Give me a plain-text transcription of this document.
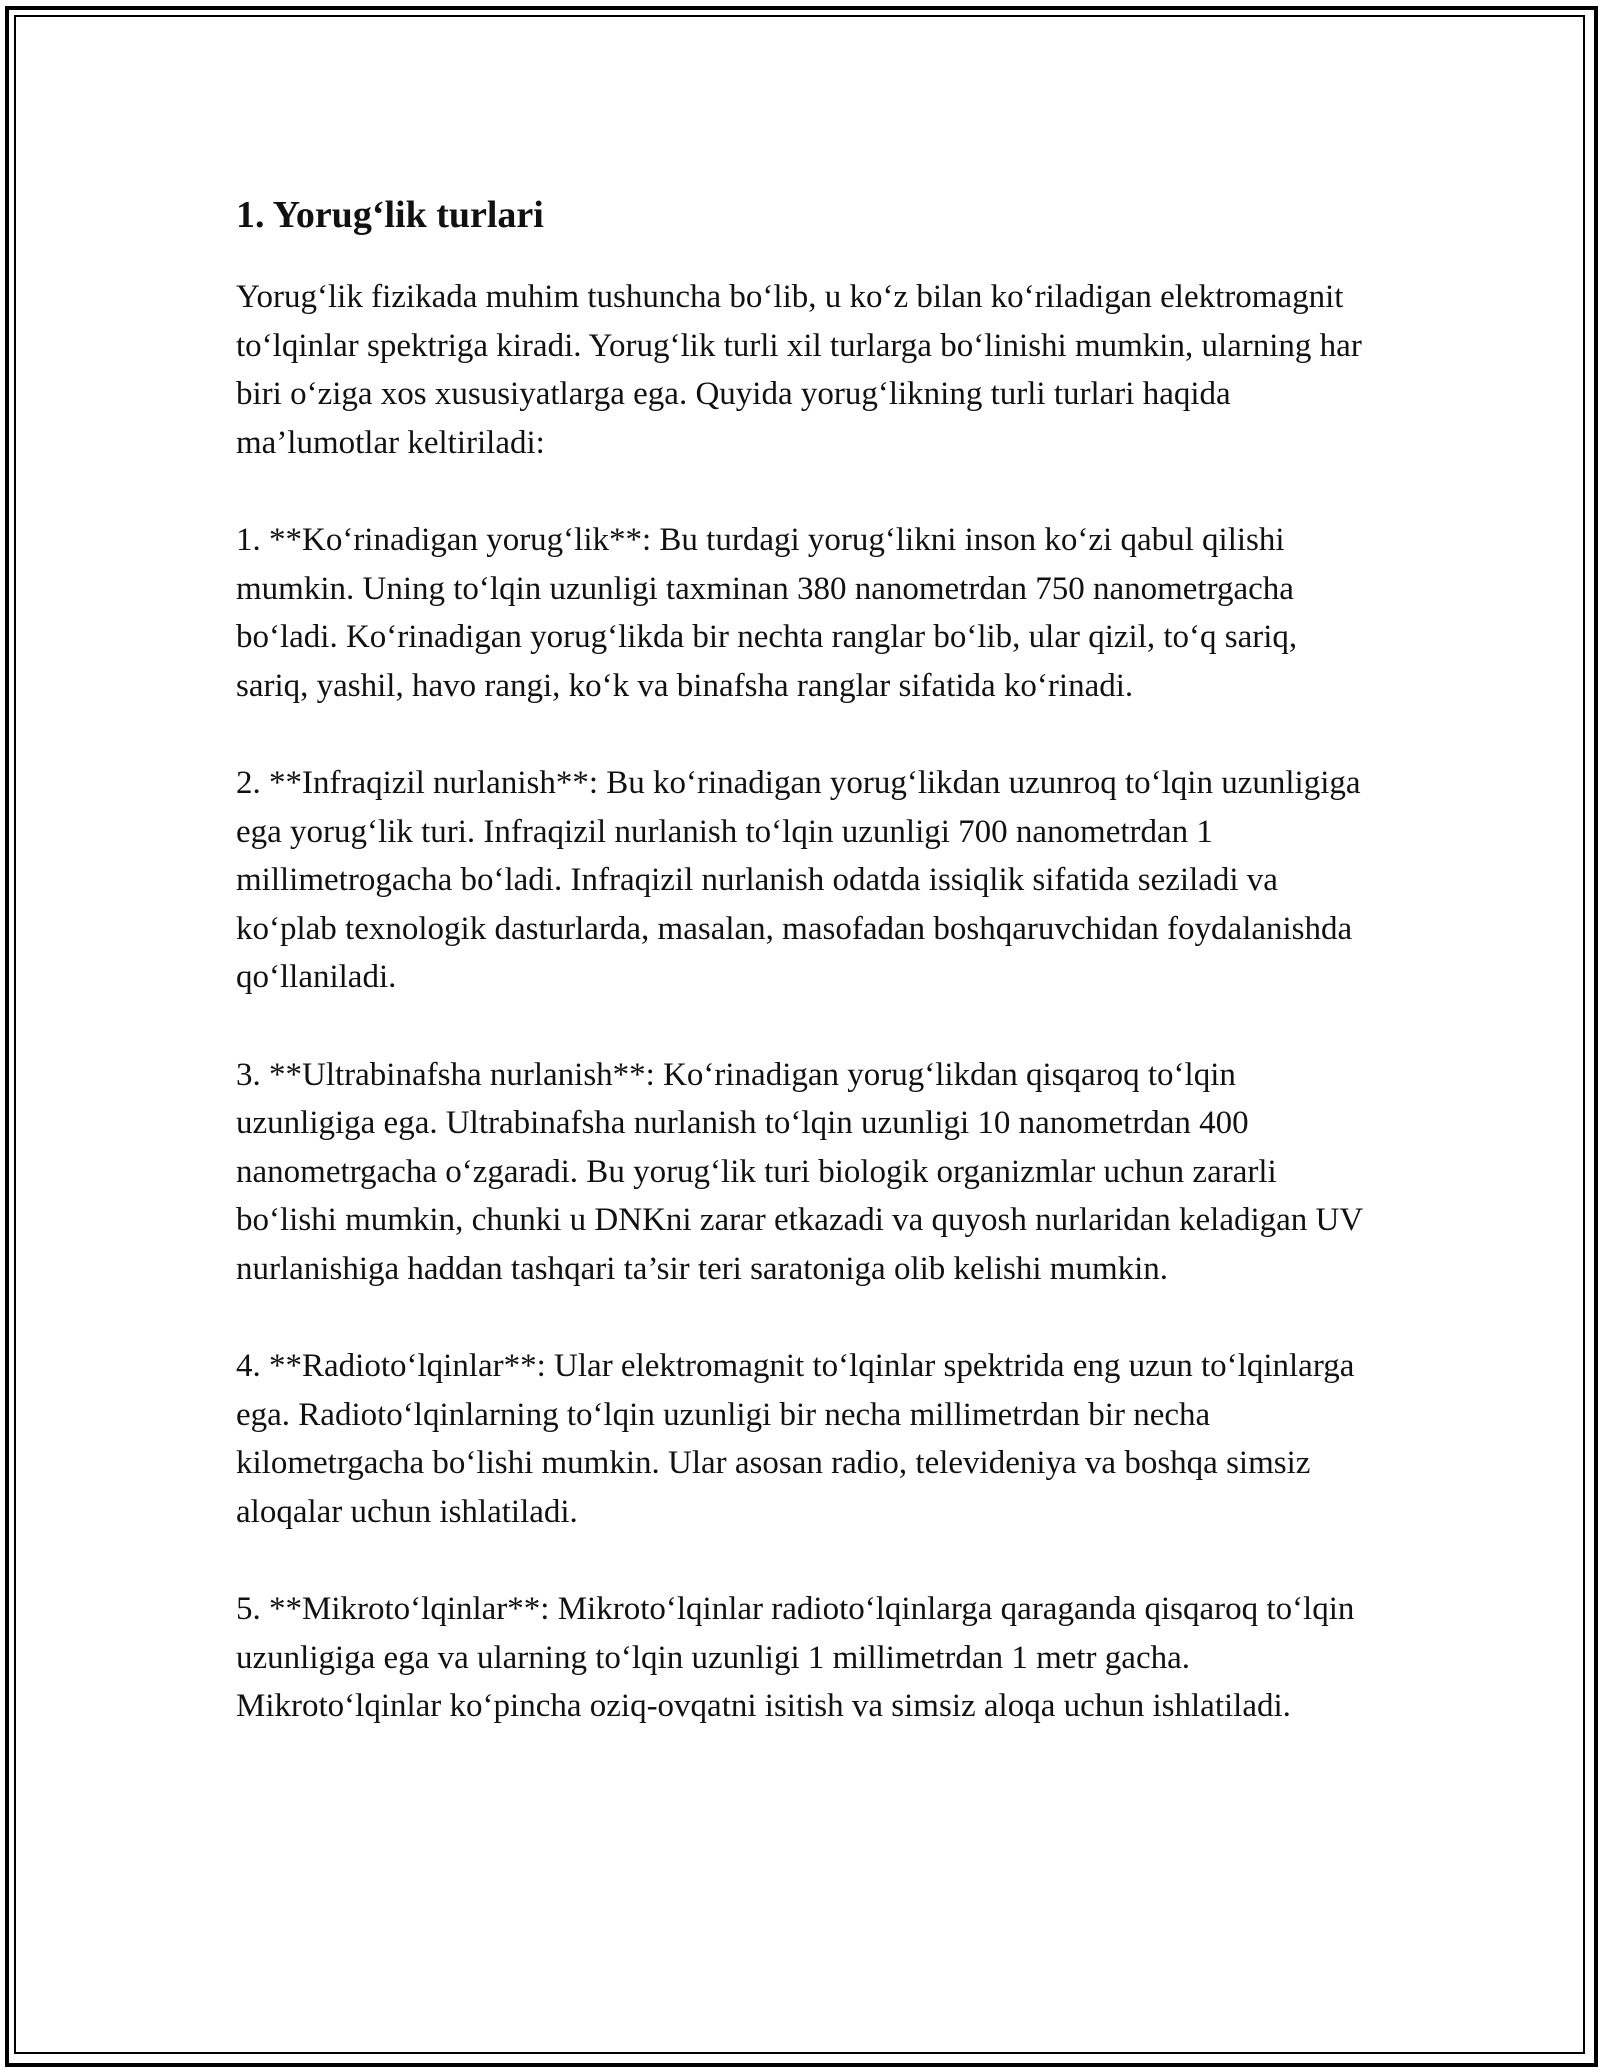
1. Yorug‘lik turlari

Yorug‘lik fizikada muhim tushuncha bo‘lib, u ko‘z bilan ko‘riladigan elektromagnit to‘lqinlar spektriga kiradi. Yorug‘lik turli xil turlarga bo‘linishi mumkin, ularning har biri o‘ziga xos xususiyatlarga ega. Quyida yorug‘likning turli turlari haqida ma’lumotlar keltiriladi:

1. **Ko‘rinadigan yorug‘lik**: Bu turdagi yorug‘likni inson ko‘zi qabul qilishi mumkin. Uning to‘lqin uzunligi taxminan 380 nanometrdan 750 nanometrgacha bo‘ladi. Ko‘rinadigan yorug‘likda bir nechta ranglar bo‘lib, ular qizil, to‘q sariq, sariq, yashil, havo rangi, ko‘k va binafsha ranglar sifatida ko‘rinadi.

2. **Infraqizil nurlanish**: Bu ko‘rinadigan yorug‘likdan uzunroq to‘lqin uzunligiga ega yorug‘lik turi. Infraqizil nurlanish to‘lqin uzunligi 700 nanometrdan 1 millimetrogacha bo‘ladi. Infraqizil nurlanish odatda issiqlik sifatida seziladi va ko‘plab texnologik dasturlarda, masalan, masofadan boshqaruvchidan foydalanishda qo‘llaniladi.

3. **Ultrabinafsha nurlanish**: Ko‘rinadigan yorug‘likdan qisqaroq to‘lqin uzunligiga ega. Ultrabinafsha nurlanish to‘lqin uzunligi 10 nanometrdan 400 nanometrgacha o‘zgaradi. Bu yorug‘lik turi biologik organizmlar uchun zararli bo‘lishi mumkin, chunki u DNKni zarar etkazadi va quyosh nurlaridan keladigan UV nurlanishiga haddan tashqari ta’sir teri saratoniga olib kelishi mumkin.

4. **Radioto‘lqinlar**: Ular elektromagnit to‘lqinlar spektrida eng uzun to‘lqinlarga ega. Radioto‘lqinlarning to‘lqin uzunligi bir necha millimetrdan bir necha kilometrgacha bo‘lishi mumkin. Ular asosan radio, televideniya va boshqa simsiz aloqalar uchun ishlatiladi.

5. **Mikroto‘lqinlar**: Mikroto‘lqinlar radioto‘lqinlarga qaraganda qisqaroq to‘lqin uzunligiga ega va ularning to‘lqin uzunligi 1 millimetrdan 1 metr gacha. Mikroto‘lqinlar ko‘pincha oziq-ovqatni isitish va simsiz aloqa uchun ishlatiladi.
